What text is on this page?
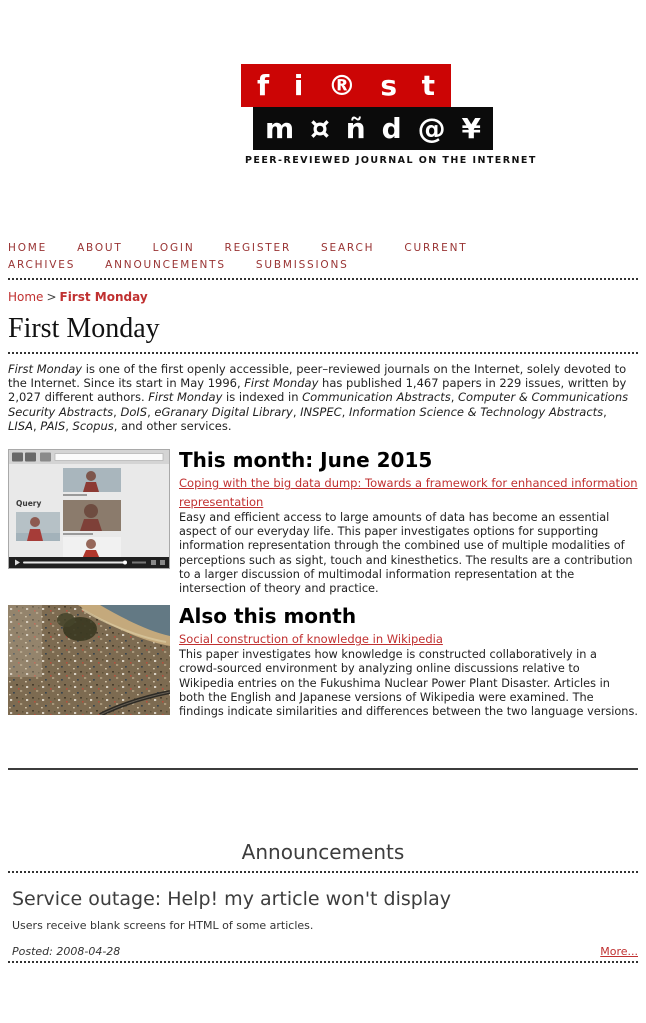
f i ® s t
m ¤ ñ d @ ¥
PEER-REVIEWED JOURNAL ON THE INTERNET
HOME	ABOUT	LOGIN	REGISTER	SEARCH	CURRENT
ARCHIVES	ANNOUNCEMENTS	SUBMISSIONS
Home > First Monday
First Monday

First Monday is one of the first openly accessible, peer–reviewed journals on the Internet, solely devoted to the Internet. Since its start in May 1996, First Monday has published 1,467 papers in 229 issues, written by 2,027 different authors. First Monday is indexed in Communication Abstracts, Computer & Communications Security Abstracts, DoIS, eGranary Digital Library, INSPEC, Information Science & Technology Abstracts, LISA, PAIS, Scopus, and other services.

Query
This month: June 2015
Coping with the big data dump: Towards a framework for enhanced information representation
Easy and efficient access to large amounts of data has become an essential aspect of our everyday life. This paper investigates options for supporting information representation through the combined use of multiple modalities of perceptions such as sight, touch and kinesthetics. The results are a contribution to a larger discussion of multimodal information representation at the intersection of theory and practice.
Also this month
Social construction of knowledge in Wikipedia
This paper investigates how knowledge is constructed collaboratively in a crowd-sourced environment by analyzing online discussions relative to Wikipedia entries on the Fukushima Nuclear Power Plant Disaster. Articles in both the English and Japanese versions of Wikipedia were examined. The findings indicate similarities and differences between the two language versions.
Announcements
Service outage: Help! my article won't display
Users receive blank screens for HTML of some articles.
Posted: 2008-04-28	More...
